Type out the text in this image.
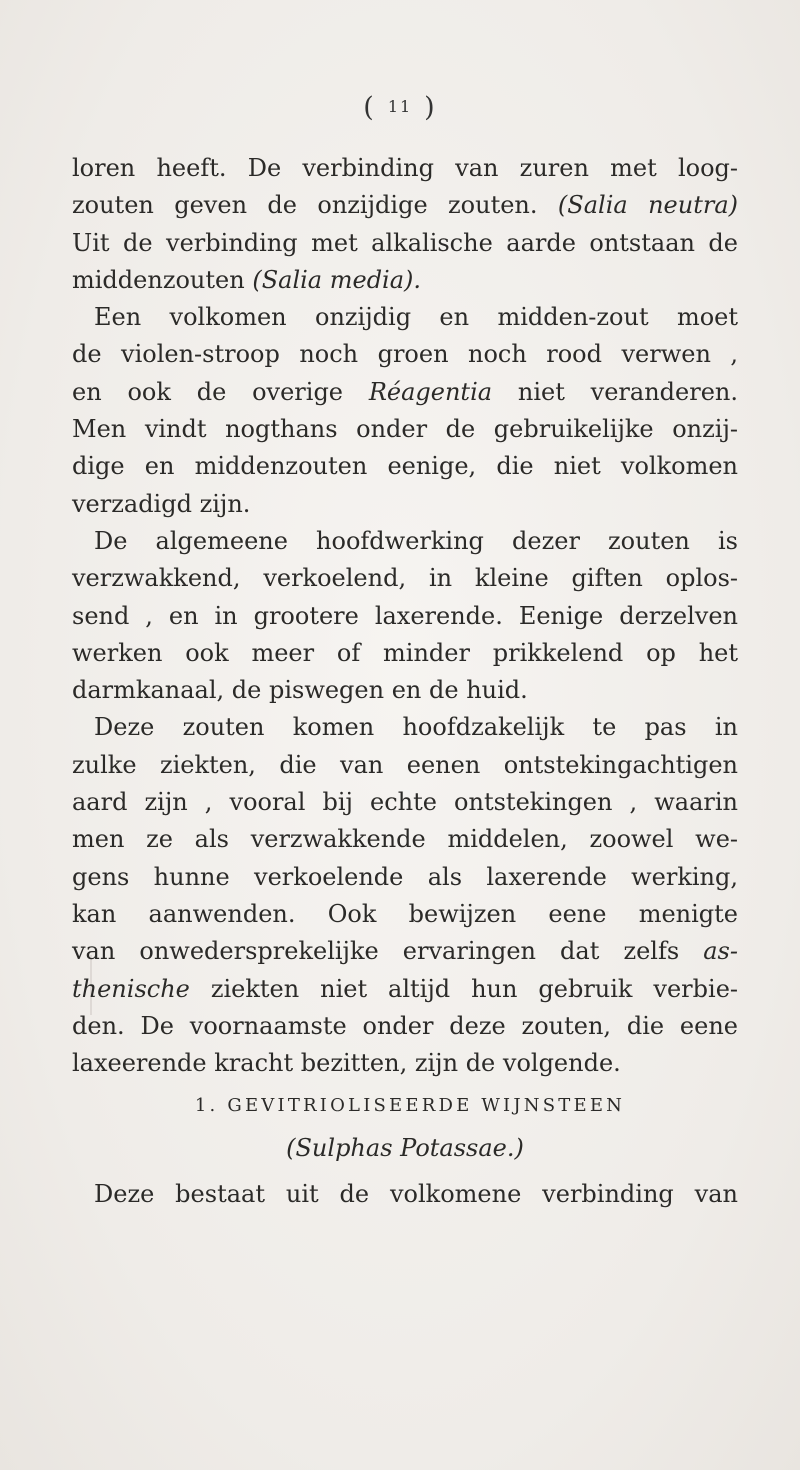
( 11 )
loren heeft. De verbinding van zuren met loog-
zouten geven de onzijdige zouten. (Salia neutra)
Uit de verbinding met alkalische aarde ontstaan de
middenzouten (Salia media).
Een volkomen onzijdig en midden-zout moet
de violen-stroop noch groen noch rood verwen ,
en ook de overige Réagentia niet veranderen.
Men vindt nogthans onder de gebruikelijke onzij-
dige en middenzouten eenige, die niet volkomen
verzadigd zijn.
De algemeene hoofdwerking dezer zouten is
verzwakkend, verkoelend, in kleine giften oplos-
send , en in grootere laxerende. Eenige derzelven
werken ook meer of minder prikkelend op het
darmkanaal, de piswegen en de huid.
Deze zouten komen hoofdzakelijk te pas in
zulke ziekten, die van eenen ontstekingachtigen
aard zijn , vooral bij echte ontstekingen , waarin
men ze als verzwakkende middelen, zoowel we-
gens hunne verkoelende als laxerende werking,
kan aanwenden. Ook bewijzen eene menigte
van onwedersprekelijke ervaringen dat zelfs as-
thenische ziekten niet altijd hun gebruik verbie-
den. De voornaamste onder deze zouten, die eene
laxeerende kracht bezitten, zijn de volgende.
1. GEVITRIOLISEERDE WIJNSTEEN
(Sulphas Potassae.)
Deze bestaat uit de volkomene verbinding van
